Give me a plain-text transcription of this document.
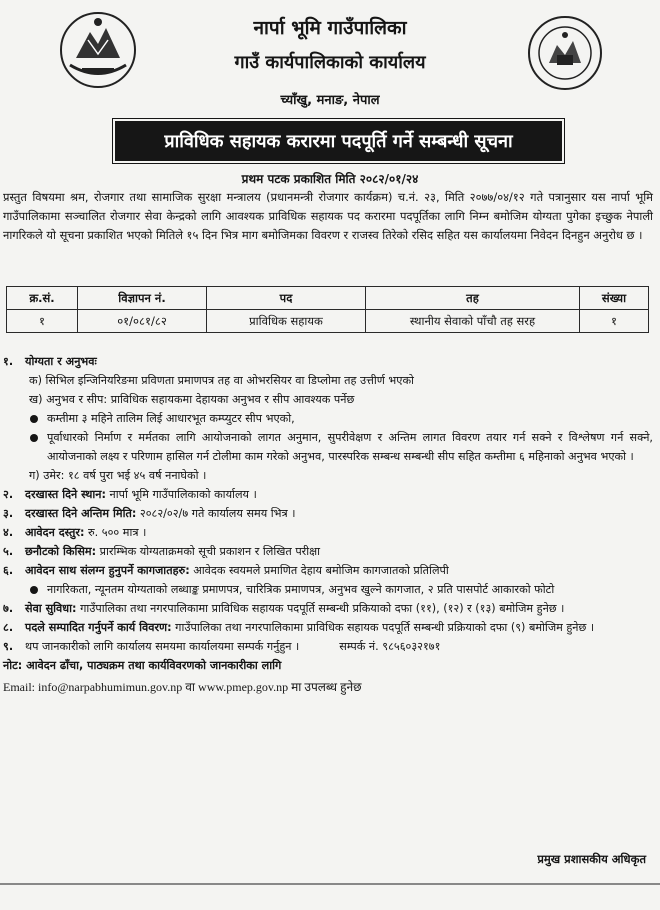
नार्पा भूमि गाउँपालिका
गाउँ कार्यपालिकाको कार्यालय
च्याँखु, मनाङ, नेपाल
प्राविधिक सहायक करारमा पदपूर्ति गर्ने सम्बन्धी सूचना
प्रथम पटक प्रकाशित मिति २०८२/०१/२४
प्रस्तुत विषयमा श्रम, रोजगार तथा सामाजिक सुरक्षा मन्त्रालय (प्रधानमन्त्री रोजगार कार्यक्रम) च.नं. २३, मिति २०७७/०४/१२ गते पत्रानुसार यस नार्पा भूमि गाउँपालिकामा सञ्चालित रोजगार सेवा केन्द्रको लागि आवश्यक प्राविधिक सहायक पद करारमा पदपूर्तिका लागि निम्न बमोजिम योग्यता पुगेका इच्छुक नेपाली नागरिकले यो सूचना प्रकाशित भएको मितिले १५ दिन भित्र माग बमोजिमका विवरण र राजस्व तिरेको रसिद सहित यस कार्यालयमा निवेदन दिनहुन अनुरोध छ ।
क्र.सं.	विज्ञापन नं.	पद	तह	संख्या
१	०१/०८१/८२	प्राविधिक सहायक	स्थानीय सेवाको पाँचौ तह सरह	१
१. योग्यता र अनुभवः
क) सिभिल इन्जिनियरिङमा प्रविणता प्रमाणपत्र तह वा ओभरसियर वा डिप्लोमा तह उत्तीर्ण भएको
ख) अनुभव र सीप: प्राविधिक सहायकमा देहायका अनुभव र सीप आवश्यक पर्नेछ
कम्तीमा ३ महिने तालिम लिई आधारभूत कम्प्युटर सीप भएको,
पूर्वाधारको निर्माण र मर्मतका लागि आयोजनाको लागत अनुमान, सुपरीवेक्षण र अन्तिम लागत विवरण तयार गर्न सक्ने र विश्लेषण गर्न सक्ने, आयोजनाको लक्ष्य र परिणाम हासिल गर्न टोलीमा काम गरेको अनुभव, पारस्परिक सम्बन्ध सम्बन्धी सीप सहित कम्तीमा ६ महिनाको अनुभव भएको ।
ग) उमेर: १८ वर्ष पुरा भई ४५ वर्ष ननाघेको ।
२. दरखास्त दिने स्थान: नार्पा भूमि गाउँपालिकाको कार्यालय ।
३. दरखास्त दिने अन्तिम मिति: २०८२/०२/७ गते कार्यालय समय भित्र ।
४. आवेदन दस्तुर: रु. ५०० मात्र ।
५. छनौटको किसिम: प्रारम्भिक योग्यताक्रमको सूची प्रकाशन र लिखित परीक्षा
६. आवेदन साथ संलग्न हुनुपर्ने कागजातहरु: आवेदक स्वयमले प्रमाणित देहाय बमोजिम कागजातको प्रतिलिपी
नागरिकता, न्यूनतम योग्यताको लब्धाङ्क प्रमाणपत्र, चारित्रिक प्रमाणपत्र, अनुभव खुल्ने कागजात, २ प्रति पासपोर्ट आकारको फोटो
७.	सेवा सुविधा: गाउँपालिका तथा नगरपालिकामा प्राविधिक सहायक पदपूर्ति सम्बन्धी प्रकियाको दफा (११), (१२) र (१३) बमोजिम हुनेछ ।
८.	पदले सम्पादित गर्नुपर्ने कार्य विवरण: गाउँपालिका तथा नगरपालिकामा प्राविधिक सहायक पदपूर्ति सम्बन्धी प्रक्रियाको दफा (९) बमोजिम हुनेछ ।
९. थप जानकारीको लागि कार्यालय समयमा कार्यालयमा सम्पर्क गर्नुहुन ।	सम्पर्क नं. ९८५६०३२१७१
नोट: आवेदन ढाँचा, पाठ्यक्रम तथा कार्यविवरणको जानकारीका लागि
Email: info@narpabhumimun.gov.np वा www.pmep.gov.np मा उपलब्ध हुनेछ
प्रमुख प्रशासकीय अधिकृत
